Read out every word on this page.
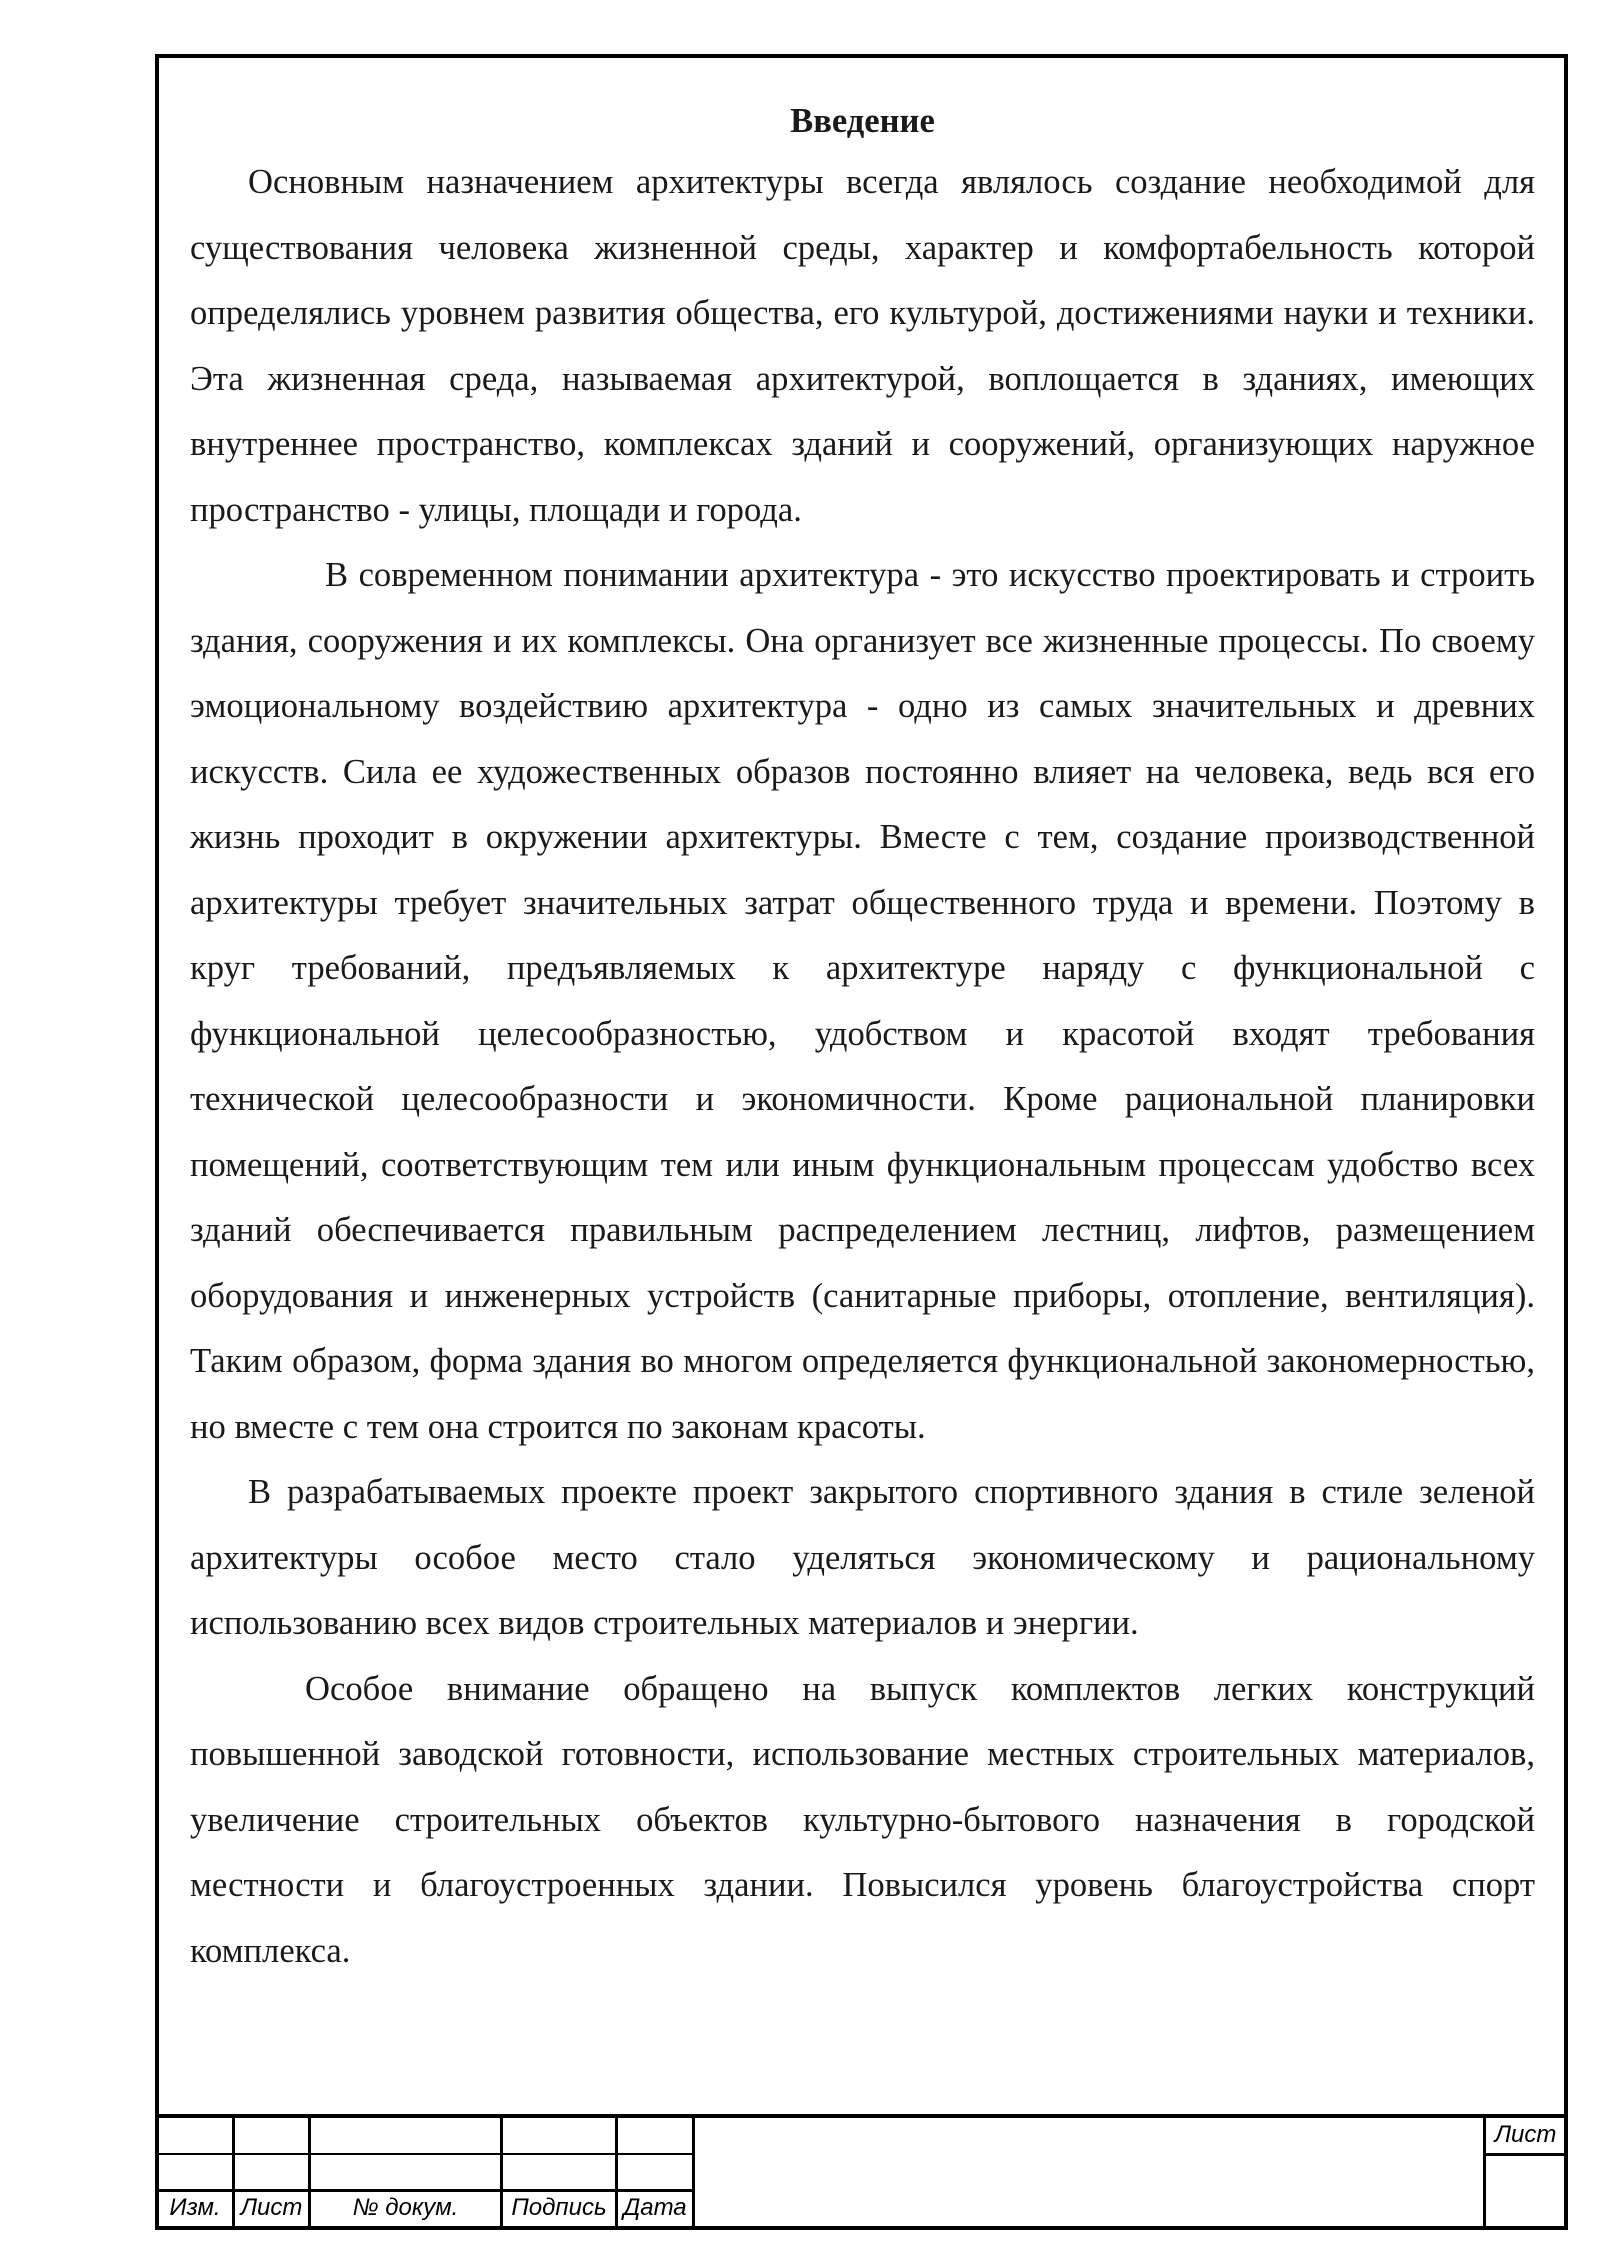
Введение

Основным назначением архитектуры всегда являлось создание необходимой для существования человека жизненной среды, характер и комфортабельность которой определялись уровнем развития общества, его культурой, достижениями науки и техники. Эта жизненная среда, называемая архитектурой, воплощается в зданиях, имеющих внутреннее пространство, комплексах зданий и сооружений, организующих наружное пространство - улицы, площади и города.

В современном понимании архитектура - это искусство проектировать и строить здания, сооружения и их комплексы. Она организует все жизненные процессы. По своему эмоциональному воздействию архитектура - одно из самых значительных и древних искусств. Сила ее художественных образов постоянно влияет на человека, ведь вся его жизнь проходит в окружении архитектуры. Вместе с тем, создание производственной архитектуры требует значительных затрат общественного труда и времени. Поэтому в круг требований, предъявляемых к архитектуре наряду с функциональной с функциональной целесообразностью, удобством и красотой входят требования технической целесообразности и экономичности. Кроме рациональной планировки помещений, соответствующим тем или иным функциональным процессам удобство всех зданий обеспечивается правильным распределением лестниц, лифтов, размещением оборудования и инженерных устройств (санитарные приборы, отопление, вентиляция). Таким образом, форма здания во многом определяется функциональной закономерностью, но вместе с тем она строится по законам красоты.

В разрабатываемых проекте проект закрытого спортивного здания в стиле зеленой архитектуры особое место стало уделяться экономическому и рациональному использованию всех видов строительных материалов и энергии.

Особое внимание обращено на выпуск комплектов легких конструкций повышенной заводской готовности, использование местных строительных материалов, увеличение строительных объектов культурно-бытового назначения в городской местности и благоустроенных здании. Повысился уровень благоустройства спорт комплекса.

Изм. Лист	№ докум.	Подпись Дата
Лист
